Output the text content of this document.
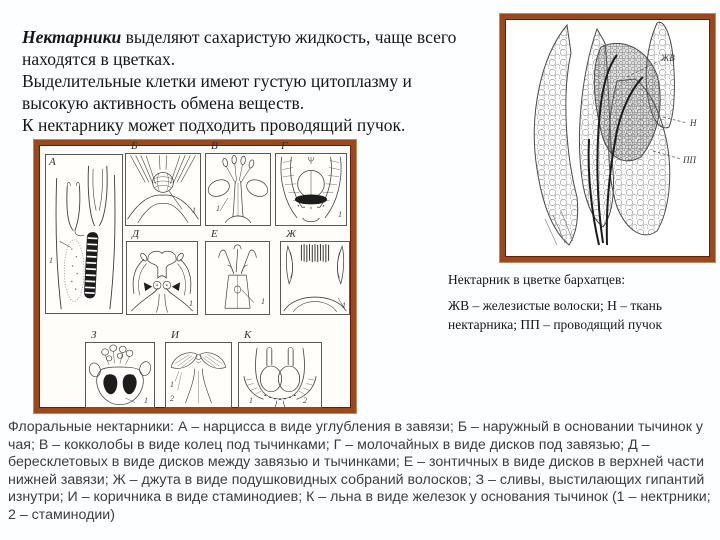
Нектарники выделяют сахаристую жидкость, чаще всего находятся в цветках.

Выделительные клетки имеют густую цитоплазму и высокую активность обмена веществ.

К нектарнику может подходить проводящий пучок.

А
1
Б
1
В
1
Г
1
Д
1
Е
1
Ж
1
З
1
И
1
2
К
1	2
ЖВ
Н
ПП
Нектарник в цветке бархатцев:
ЖВ – железистые волоски; Н – ткань нектарника; ПП – проводящий пучок
Флоральные нектарники: А – нарцисса в виде углубления в завязи; Б – наружный в основании тычинок у чая; В – кокколобы в виде колец под тычинками; Г – молочайных в виде дисков под завязью; Д – бересклетовых в виде дисков между завязью и тычинками; Е – зонтичных в виде дисков в верхней части нижней завязи; Ж – джута в виде подушковидных собраний волосков; З – сливы, выстилающих гипантий изнутри; И – коричника в виде стаминодиев; К – льна в виде железок у основания тычинок (1 – нектрники; 2 – стаминодии)
